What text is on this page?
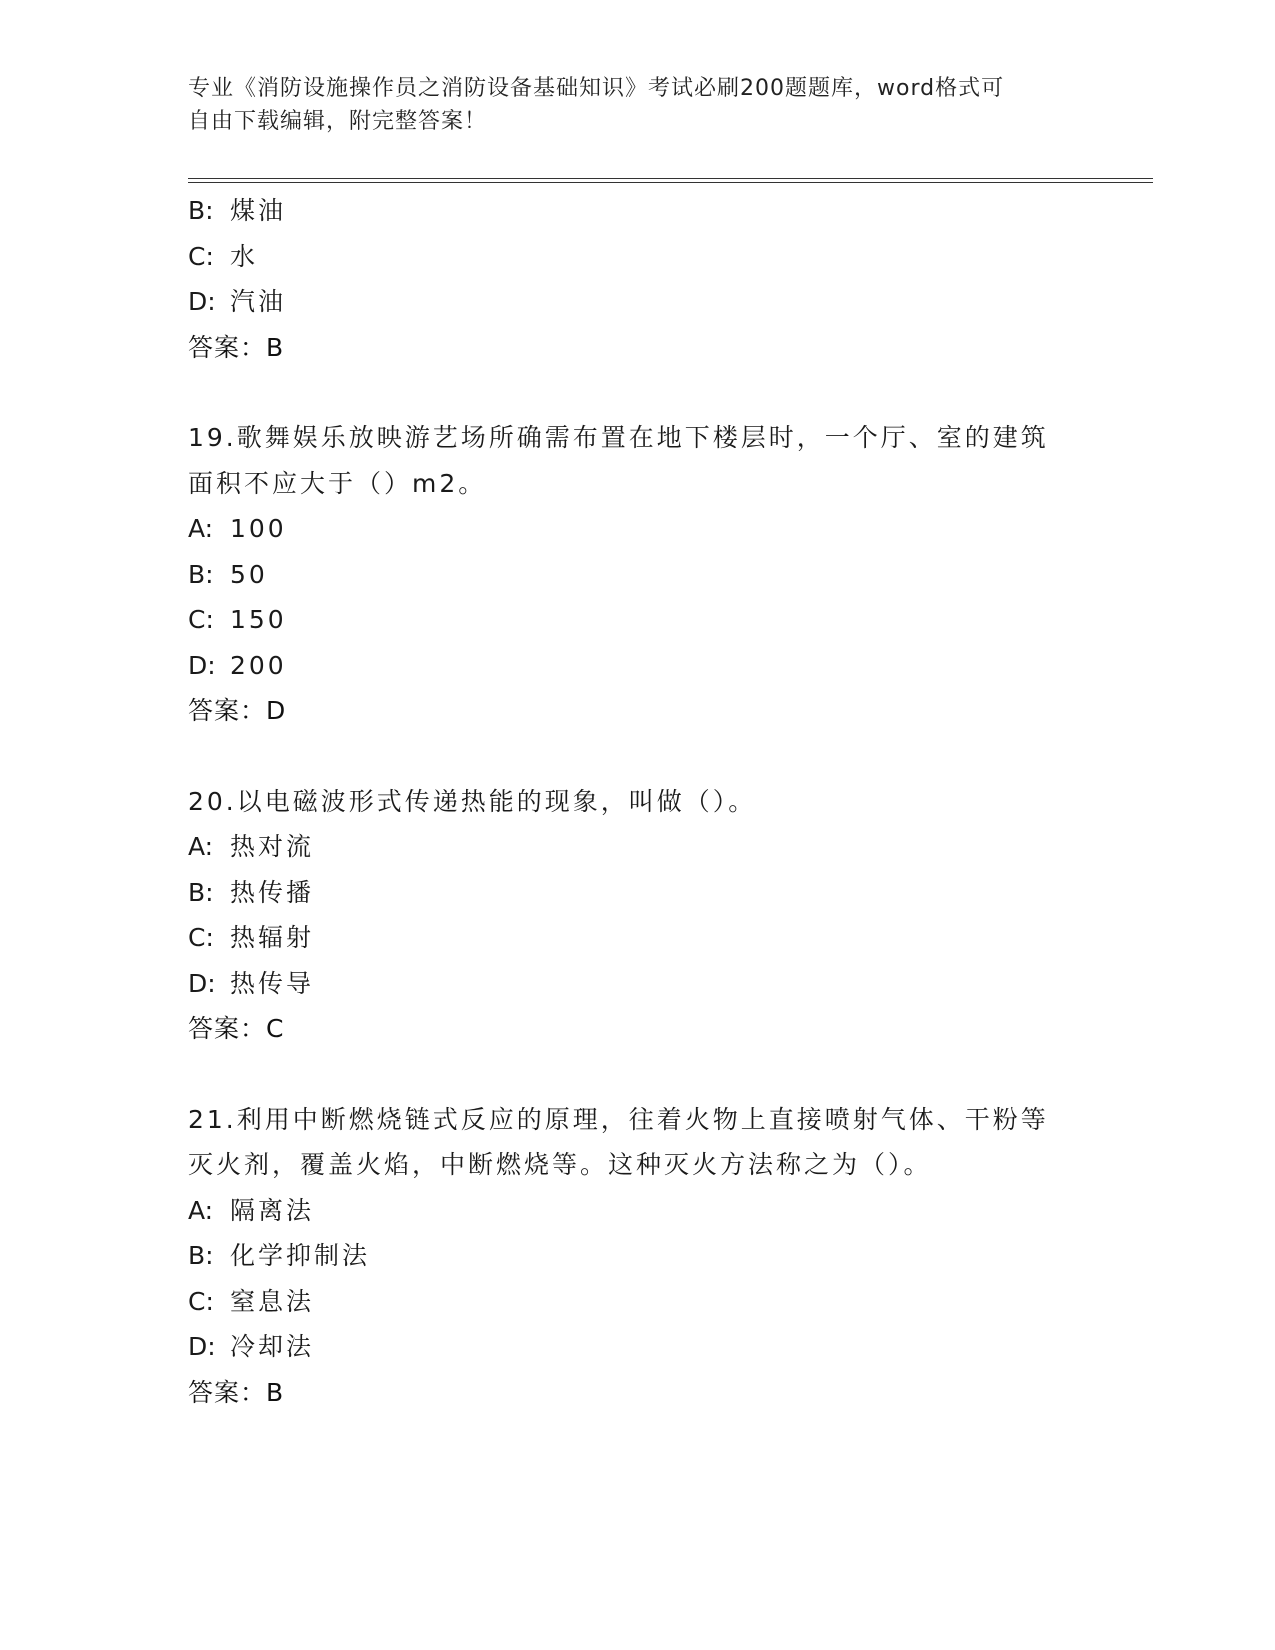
专业《消防设施操作员之消防设备基础知识》考试必刷200题题库，word格式可
自由下载编辑，附完整答案！
B: 煤油
C: 水
D: 汽油
答案：B
19.歌舞娱乐放映游艺场所确需布置在地下楼层时，一个厅、室的建筑
面积不应大于（）m2。
A: 100
B: 50
C: 150
D: 200
答案：D
20.以电磁波形式传递热能的现象，叫做（）。
A: 热对流
B: 热传播
C: 热辐射
D: 热传导
答案：C
21.利用中断燃烧链式反应的原理，往着火物上直接喷射气体、干粉等
灭火剂，覆盖火焰，中断燃烧等。这种灭火方法称之为（）。
A: 隔离法
B: 化学抑制法
C: 窒息法
D: 冷却法
答案：B
